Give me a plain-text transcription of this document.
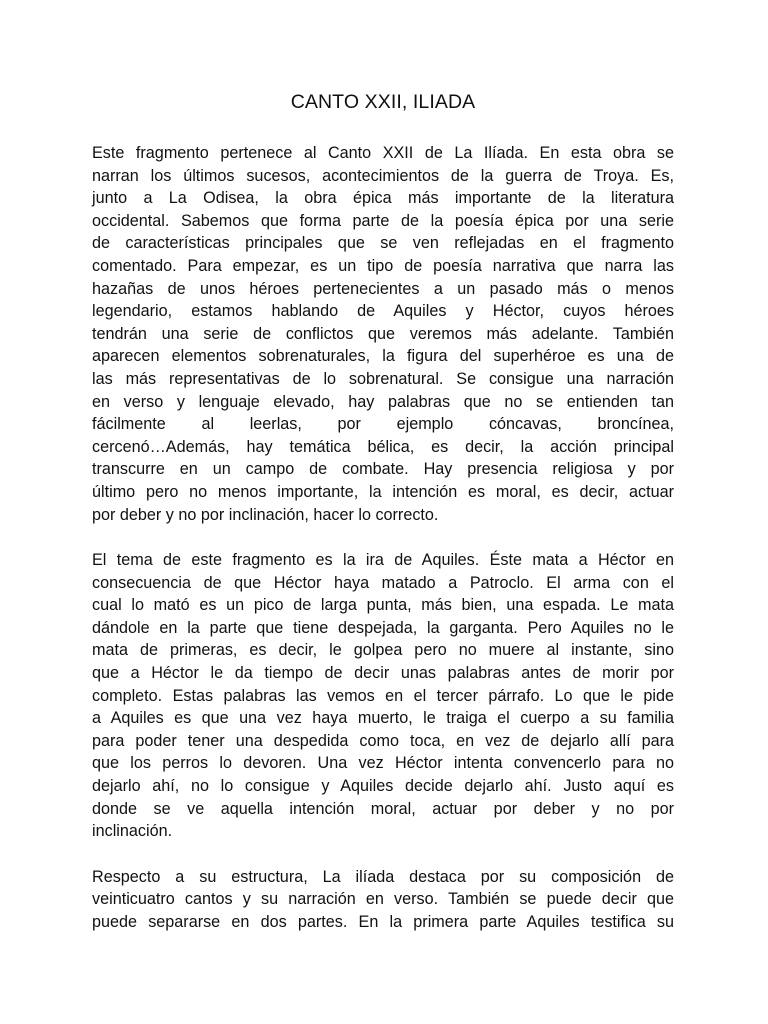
CANTO XXII, ILIADA
Este fragmento pertenece al Canto XXII de La Ilíada. En esta obra se
narran los últimos sucesos, acontecimientos de la guerra de Troya. Es,
junto a La Odisea, la obra épica más importante de la literatura
occidental. Sabemos que forma parte de la poesía épica por una serie
de características principales que se ven reflejadas en el fragmento
comentado. Para empezar, es un tipo de poesía narrativa que narra las
hazañas de unos héroes pertenecientes a un pasado más o menos
legendario, estamos hablando de Aquiles y Héctor, cuyos héroes
tendrán una serie de conflictos que veremos más adelante. También
aparecen elementos sobrenaturales, la figura del superhéroe es una de
las más representativas de lo sobrenatural. Se consigue una narración
en verso y lenguaje elevado, hay palabras que no se entienden tan
fácilmente al leerlas, por ejemplo cóncavas, broncínea,
cercenó…Además, hay temática bélica, es decir, la acción principal
transcurre en un campo de combate. Hay presencia religiosa y por
último pero no menos importante, la intención es moral, es decir, actuar
por deber y no por inclinación, hacer lo correcto.
El tema de este fragmento es la ira de Aquiles. Éste mata a Héctor en
consecuencia de que Héctor haya matado a Patroclo. El arma con el
cual lo mató es un pico de larga punta, más bien, una espada. Le mata
dándole en la parte que tiene despejada, la garganta. Pero Aquiles no le
mata de primeras, es decir, le golpea pero no muere al instante, sino
que a Héctor le da tiempo de decir unas palabras antes de morir por
completo. Estas palabras las vemos en el tercer párrafo. Lo que le pide
a Aquiles es que una vez haya muerto, le traiga el cuerpo a su familia
para poder tener una despedida como toca, en vez de dejarlo allí para
que los perros lo devoren. Una vez Héctor intenta convencerlo para no
dejarlo ahí, no lo consigue y Aquiles decide dejarlo ahí. Justo aquí es
donde se ve aquella intención moral, actuar por deber y no por
inclinación.
Respecto a su estructura, La ilíada destaca por su composición de
veinticuatro cantos y su narración en verso. También se puede decir que
puede separarse en dos partes. En la primera parte Aquiles testifica su
